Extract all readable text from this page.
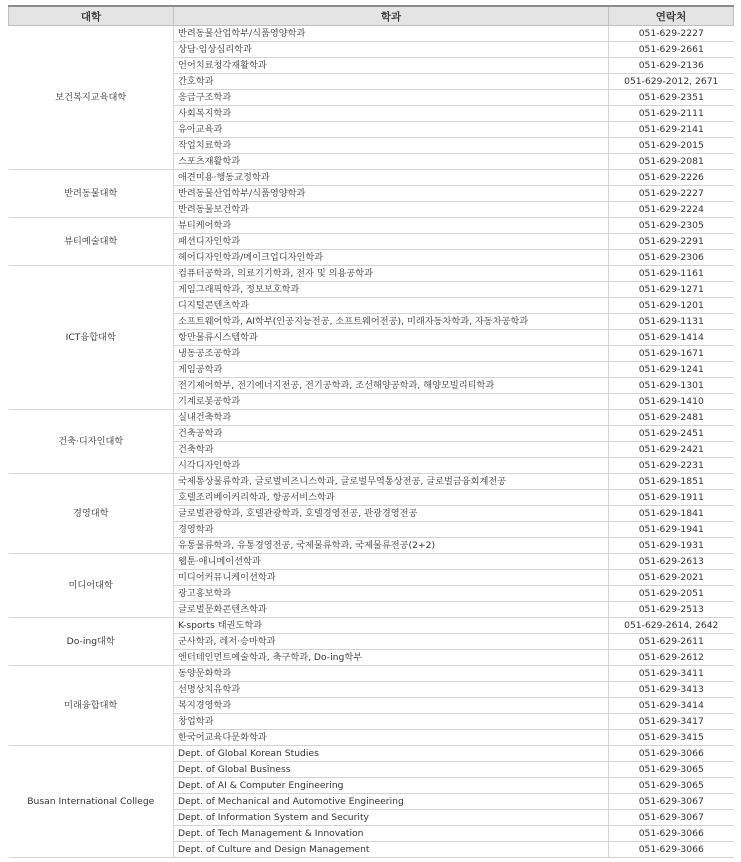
대학	학과	연락처
보건복지교육대학	반려동물산업학부/식품영양학과	051-629-2227
	상담·임상심리학과	051-629-2661
	언어치료청각재활학과	051-629-2136
	간호학과	051-629-2012, 2671
	응급구조학과	051-629-2351
	사회복지학과	051-629-2111
	유아교육과	051-629-2141
	작업치료학과	051-629-2015
	스포츠재활학과	051-629-2081
반려동물대학	애견미용·행동교정학과	051-629-2226
	반려동물산업학부/식품영양학과	051-629-2227
	반려동물보건학과	051-629-2224
뷰티예술대학	뷰티케어학과	051-629-2305
	패션디자인학과	051-629-2291
	헤어디자인학과/메이크업디자인학과	051-629-2306
ICT융합대학	컴퓨터공학과, 의료기기학과, 전자 및 의용공학과	051-629-1161
	게임그래픽학과, 정보보호학과	051-629-1271
	디지털콘텐츠학과	051-629-1201
	소프트웨어학과, AI학부(인공지능전공, 소프트웨어전공), 미래자동차학과, 자동차공학과	051-629-1131
	항만물류시스템학과	051-629-1414
	냉동공조공학과	051-629-1671
	게임공학과	051-629-1241
	전기제어학부, 전기에너지전공, 전기공학과, 조선해양공학과, 해양모빌리티학과	051-629-1301
	기계로봇공학과	051-629-1410
건축·디자인대학	실내건축학과	051-629-2481
	건축공학과	051-629-2451
	건축학과	051-629-2421
	시각디자인학과	051-629-2231
경영대학	국제통상물류학과, 글로벌비즈니스학과, 글로벌무역통상전공, 글로벌금융회계전공	051-629-1851
	호텔조리베이커리학과, 항공서비스학과	051-629-1911
	글로벌관광학과, 호텔관광학과, 호텔경영전공, 관광경영전공	051-629-1841
	경영학과	051-629-1941
	유통물류학과, 유통경영전공, 국제물류학과, 국제물류전공(2+2)	051-629-1931
미디어대학	웹툰·애니메이션학과	051-629-2613
	미디어커뮤니케이션학과	051-629-2021
	광고홍보학과	051-629-2051
	글로벌문화콘텐츠학과	051-629-2513
Do-ing대학	K-sports 태권도학과	051-629-2614, 2642
	군사학과, 레저·승마학과	051-629-2611
	엔터테인먼트예술학과, 축구학과, Do-ing학부	051-629-2612
미래융합대학	동양문화학과	051-629-3411
	선명상치유학과	051-629-3413
	복지경영학과	051-629-3414
	창업학과	051-629-3417
	한국어교육다문화학과	051-629-3415
Busan International College	Dept. of Global Korean Studies	051-629-3066
	Dept. of Global Business	051-629-3065
	Dept. of AI & Computer Engineering	051-629-3065
	Dept. of Mechanical and Automotive Engineering	051-629-3067
	Dept. of Information System and Security	051-629-3067
	Dept. of Tech Management & Innovation	051-629-3066
	Dept. of Culture and Design Management	051-629-3066
